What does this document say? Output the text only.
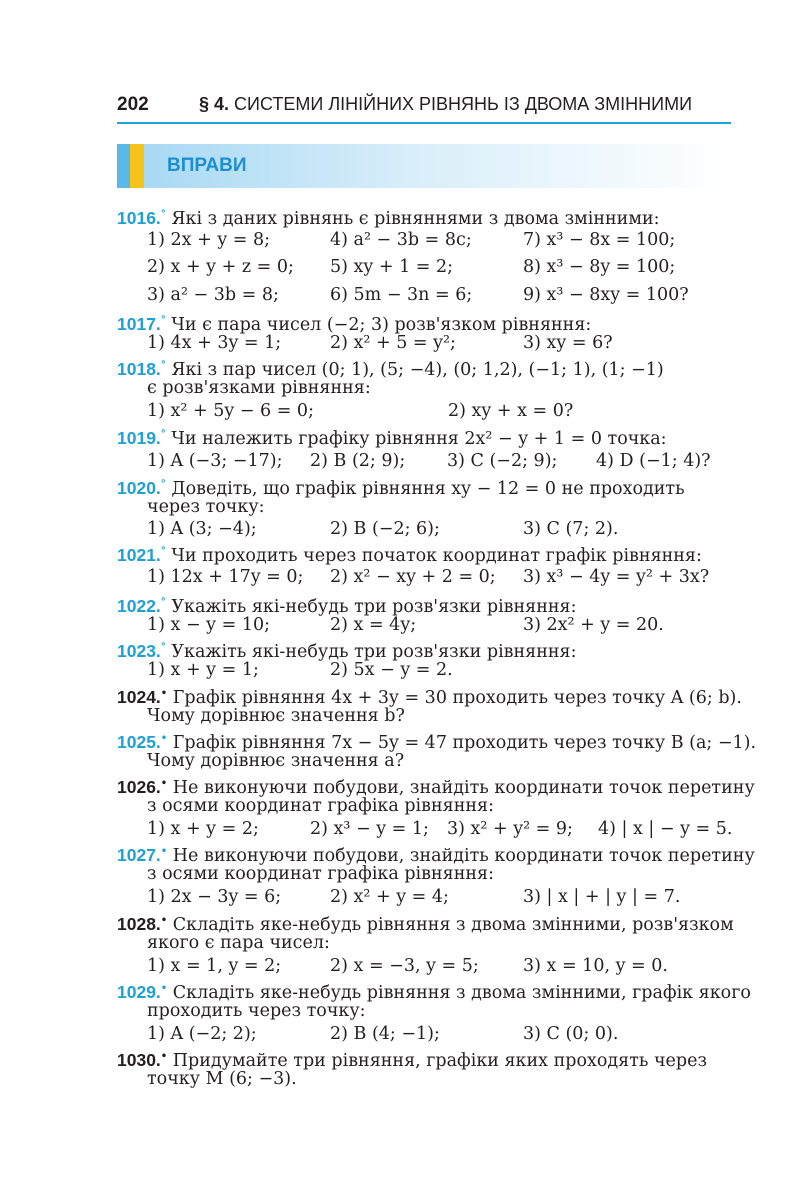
202	§ 4. СИСТЕМИ ЛІНІЙНИХ РІВНЯНЬ ІЗ ДВОМА ЗМІННИМИ
ВПРАВИ
1016.° Які з даних рівнянь є рівняннями з двома змінними:
1) 2x + y = 8;	4) a² − 3b = 8c;	7) x³ − 8x = 100;
2) x + y + z = 0; 5) xy + 1 = 2;	8) x³ − 8y = 100;
3) a² − 3b = 8;	6) 5m − 3n = 6;	9) x³ − 8xy = 100?
1017.° Чи є пара чисел (−2; 3) розв'язком рівняння:
1) 4x + 3y = 1;	2) x² + 5 = y²;	3) xy = 6?
1018.° Які з пар чисел (0; 1), (5; −4), (0; 1,2), (−1; 1), (1; −1)
є розв'язками рівняння:
1) x² + 5y − 6 = 0;	2) xy + x = 0?
1019.° Чи належить графіку рівняння 2x² − y + 1 = 0 точка:
1) A (−3; −17); 2) B (2; 9); 3) C (−2; 9); 4) D (−1; 4)?
1020.° Доведіть, що графік рівняння xy − 12 = 0 не проходить
через точку:
1) A (3; −4);	2) B (−2; 6);	3) C (7; 2).
1021.° Чи проходить через початок координат графік рівняння:
1) 12x + 17y = 0; 2) x² − xy + 2 = 0; 3) x³ − 4y = y² + 3x?
1022.° Укажіть які-небудь три розв'язки рівняння:
1) x − y = 10;	2) x = 4y;	3) 2x² + y = 20.
1023.° Укажіть які-небудь три розв'язки рівняння:
1) x + y = 1;	2) 5x − y = 2.
1024.• Графік рівняння 4x + 3y = 30 проходить через точку A (6; b).
Чому дорівнює значення b?
1025.• Графік рівняння 7x − 5y = 47 проходить через точку B (a; −1).
Чому дорівнює значення a?
1026.• Не виконуючи побудови, знайдіть координати точок перетину
з осями координат графіка рівняння:
1) x + y = 2;	2) x³ − y = 1; 3) x² + y² = 9; 4) | x | − y = 5.
1027.• Не виконуючи побудови, знайдіть координати точок перетину
з осями координат графіка рівняння:
1) 2x − 3y = 6;	2) x² + y = 4;	3) | x | + | y | = 7.
1028.• Складіть яке-небудь рівняння з двома змінними, розв'язком
якого є пара чисел:
1) x = 1, y = 2;	2) x = −3, y = 5;	3) x = 10, y = 0.
1029.• Складіть яке-небудь рівняння з двома змінними, графік якого
проходить через точку:
1) A (−2; 2);	2) B (4; −1);	3) C (0; 0).
1030.• Придумайте три рівняння, графіки яких проходять через
точку M (6; −3).
